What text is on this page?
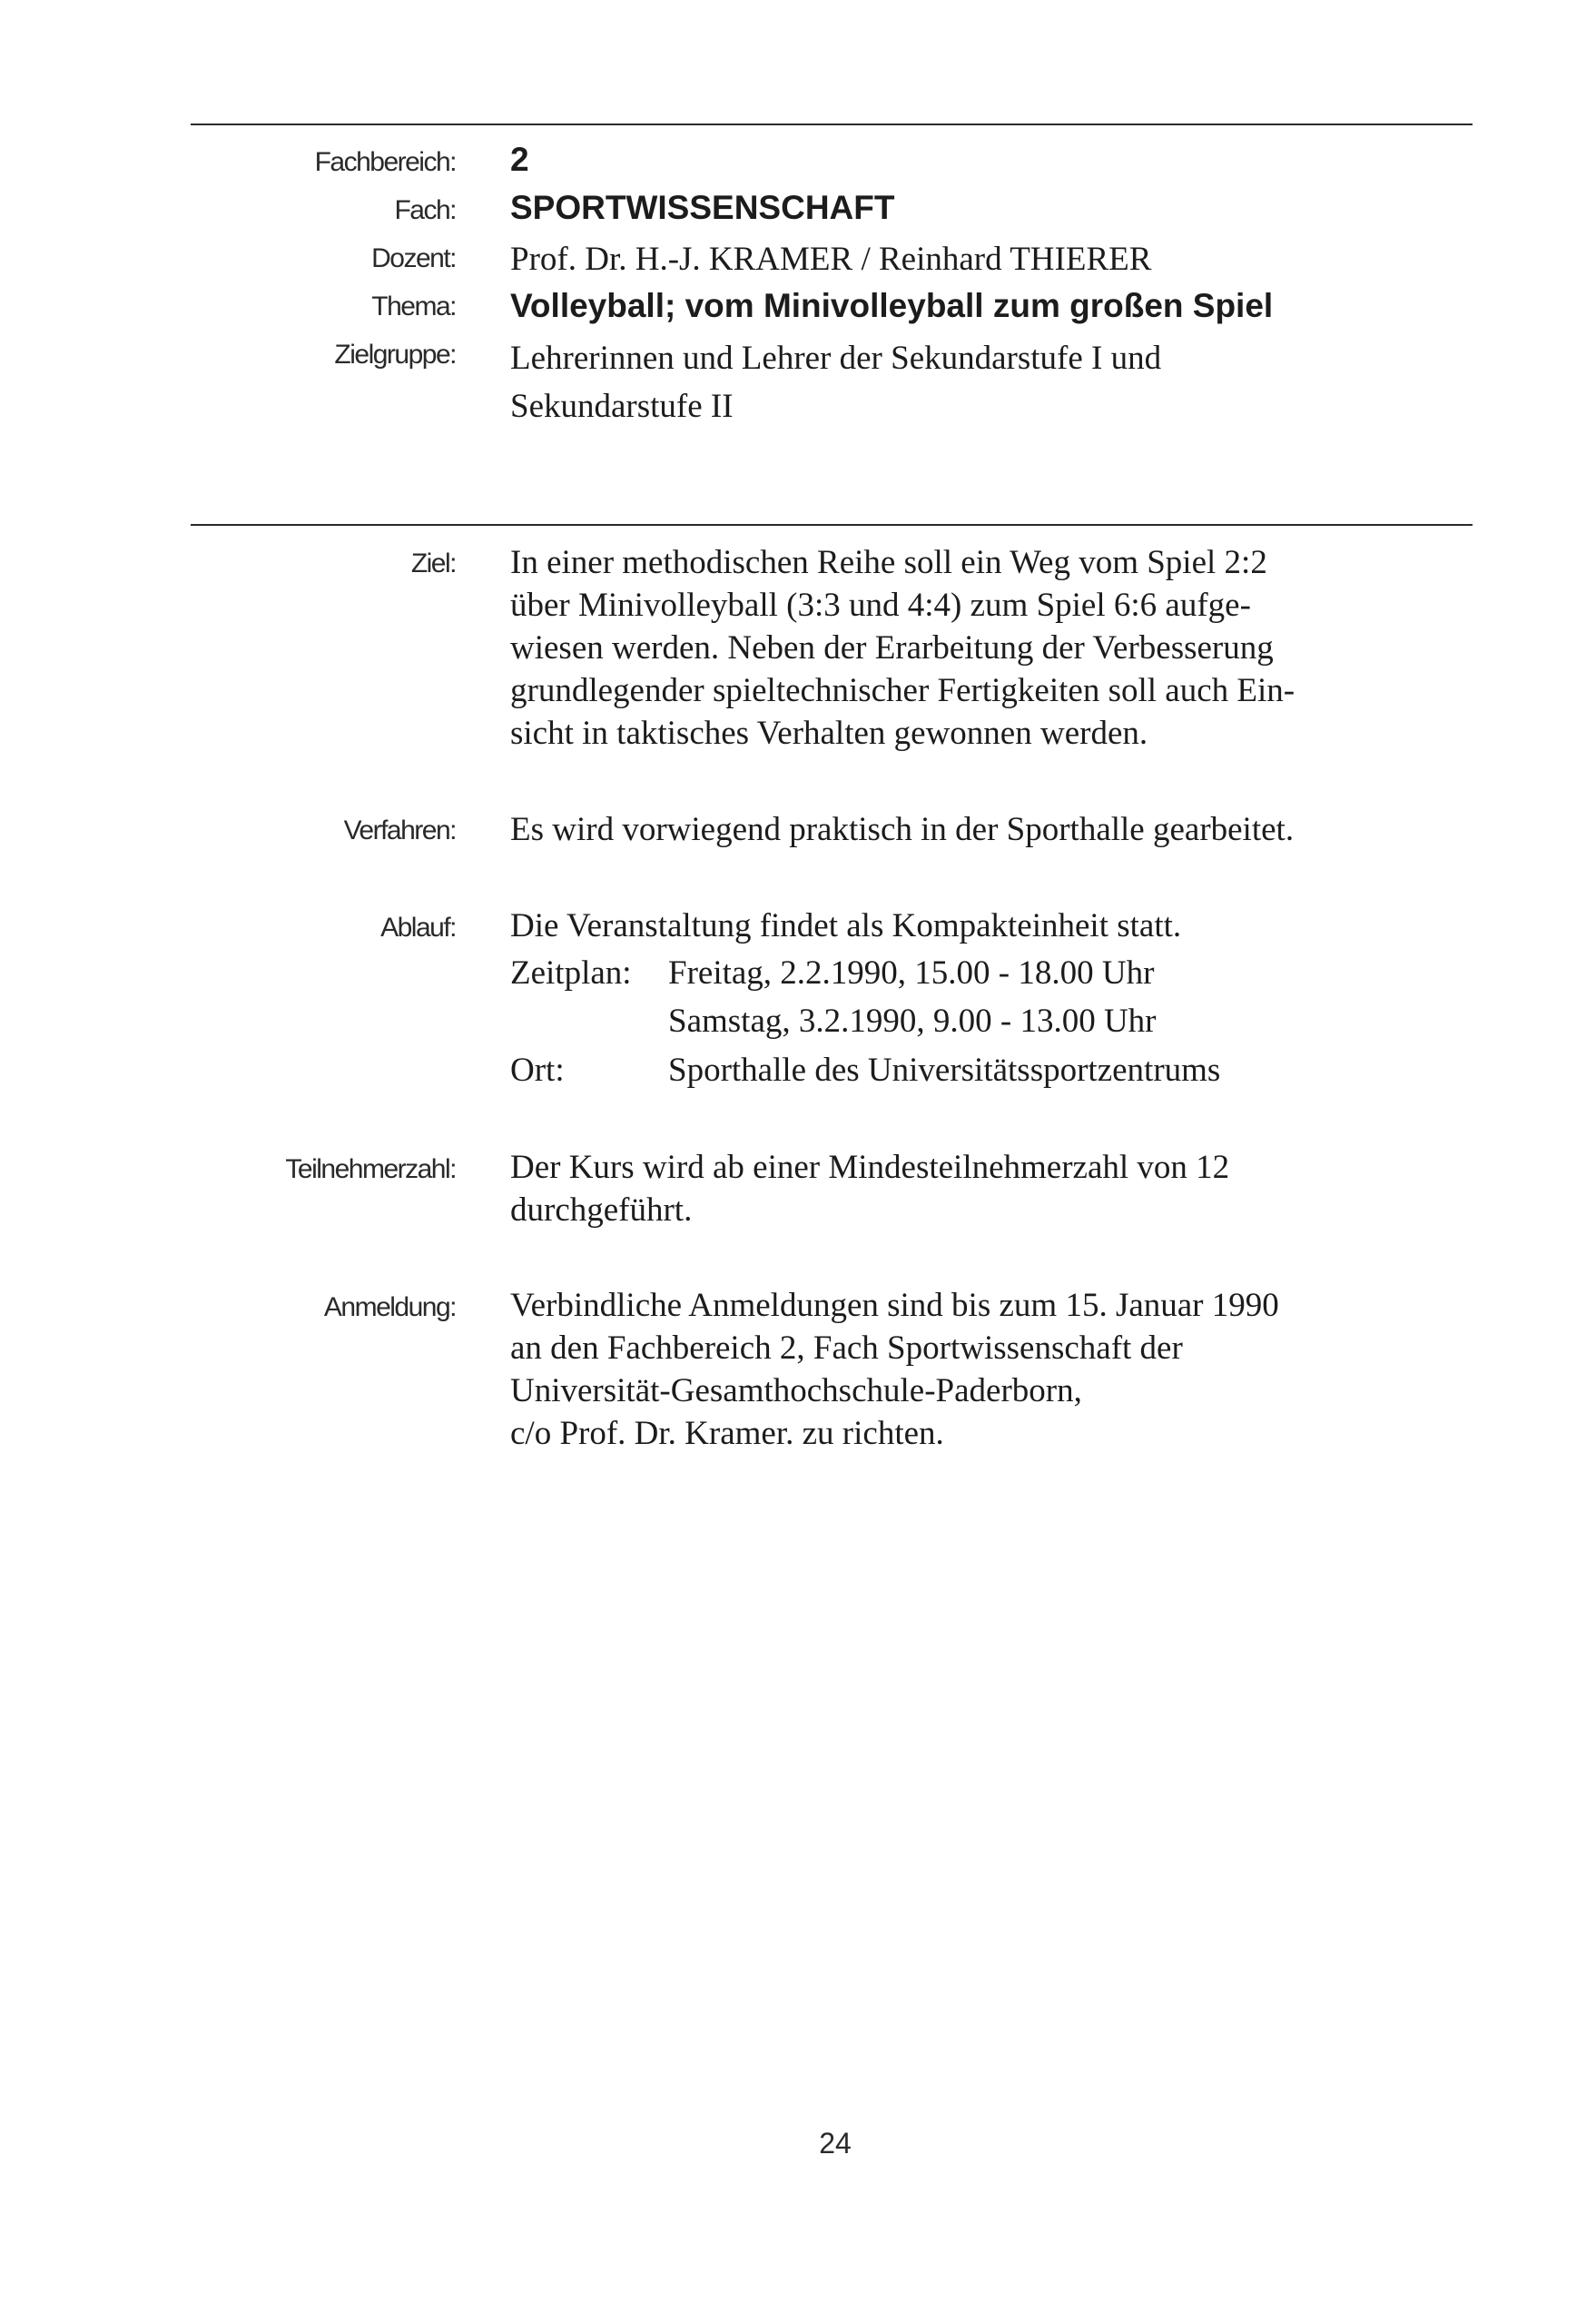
Fachbereich: 2
Fach: SPORTWISSENSCHAFT
Dozent: Prof. Dr. H.-J. KRAMER / Reinhard THIERER
Thema: Volleyball; vom Minivolleyball zum großen Spiel
Zielgruppe: Lehrerinnen und Lehrer der Sekundarstufe I und
Sekundarstufe II
Ziel: In einer methodischen Reihe soll ein Weg vom Spiel 2:2
über Minivolleyball (3:3 und 4:4) zum Spiel 6:6 aufge-
wiesen werden. Neben der Erarbeitung der Verbesserung
grundlegender spieltechnischer Fertigkeiten soll auch Ein-
sicht in taktisches Verhalten gewonnen werden.
Verfahren: Es wird vorwiegend praktisch in der Sporthalle gearbeitet.
Ablauf: Die Veranstaltung findet als Kompakteinheit statt.
Zeitplan: Freitag, 2.2.1990, 15.00 - 18.00 Uhr
Samstag, 3.2.1990, 9.00 - 13.00 Uhr
Ort:	Sporthalle des Universitätssportzentrums
Teilnehmerzahl: Der Kurs wird ab einer Mindesteilnehmerzahl von 12
durchgeführt.
Anmeldung: Verbindliche Anmeldungen sind bis zum 15. Januar 1990
an den Fachbereich 2, Fach Sportwissenschaft der
Universität-Gesamthochschule-Paderborn,
c/o Prof. Dr. Kramer. zu richten.
24
